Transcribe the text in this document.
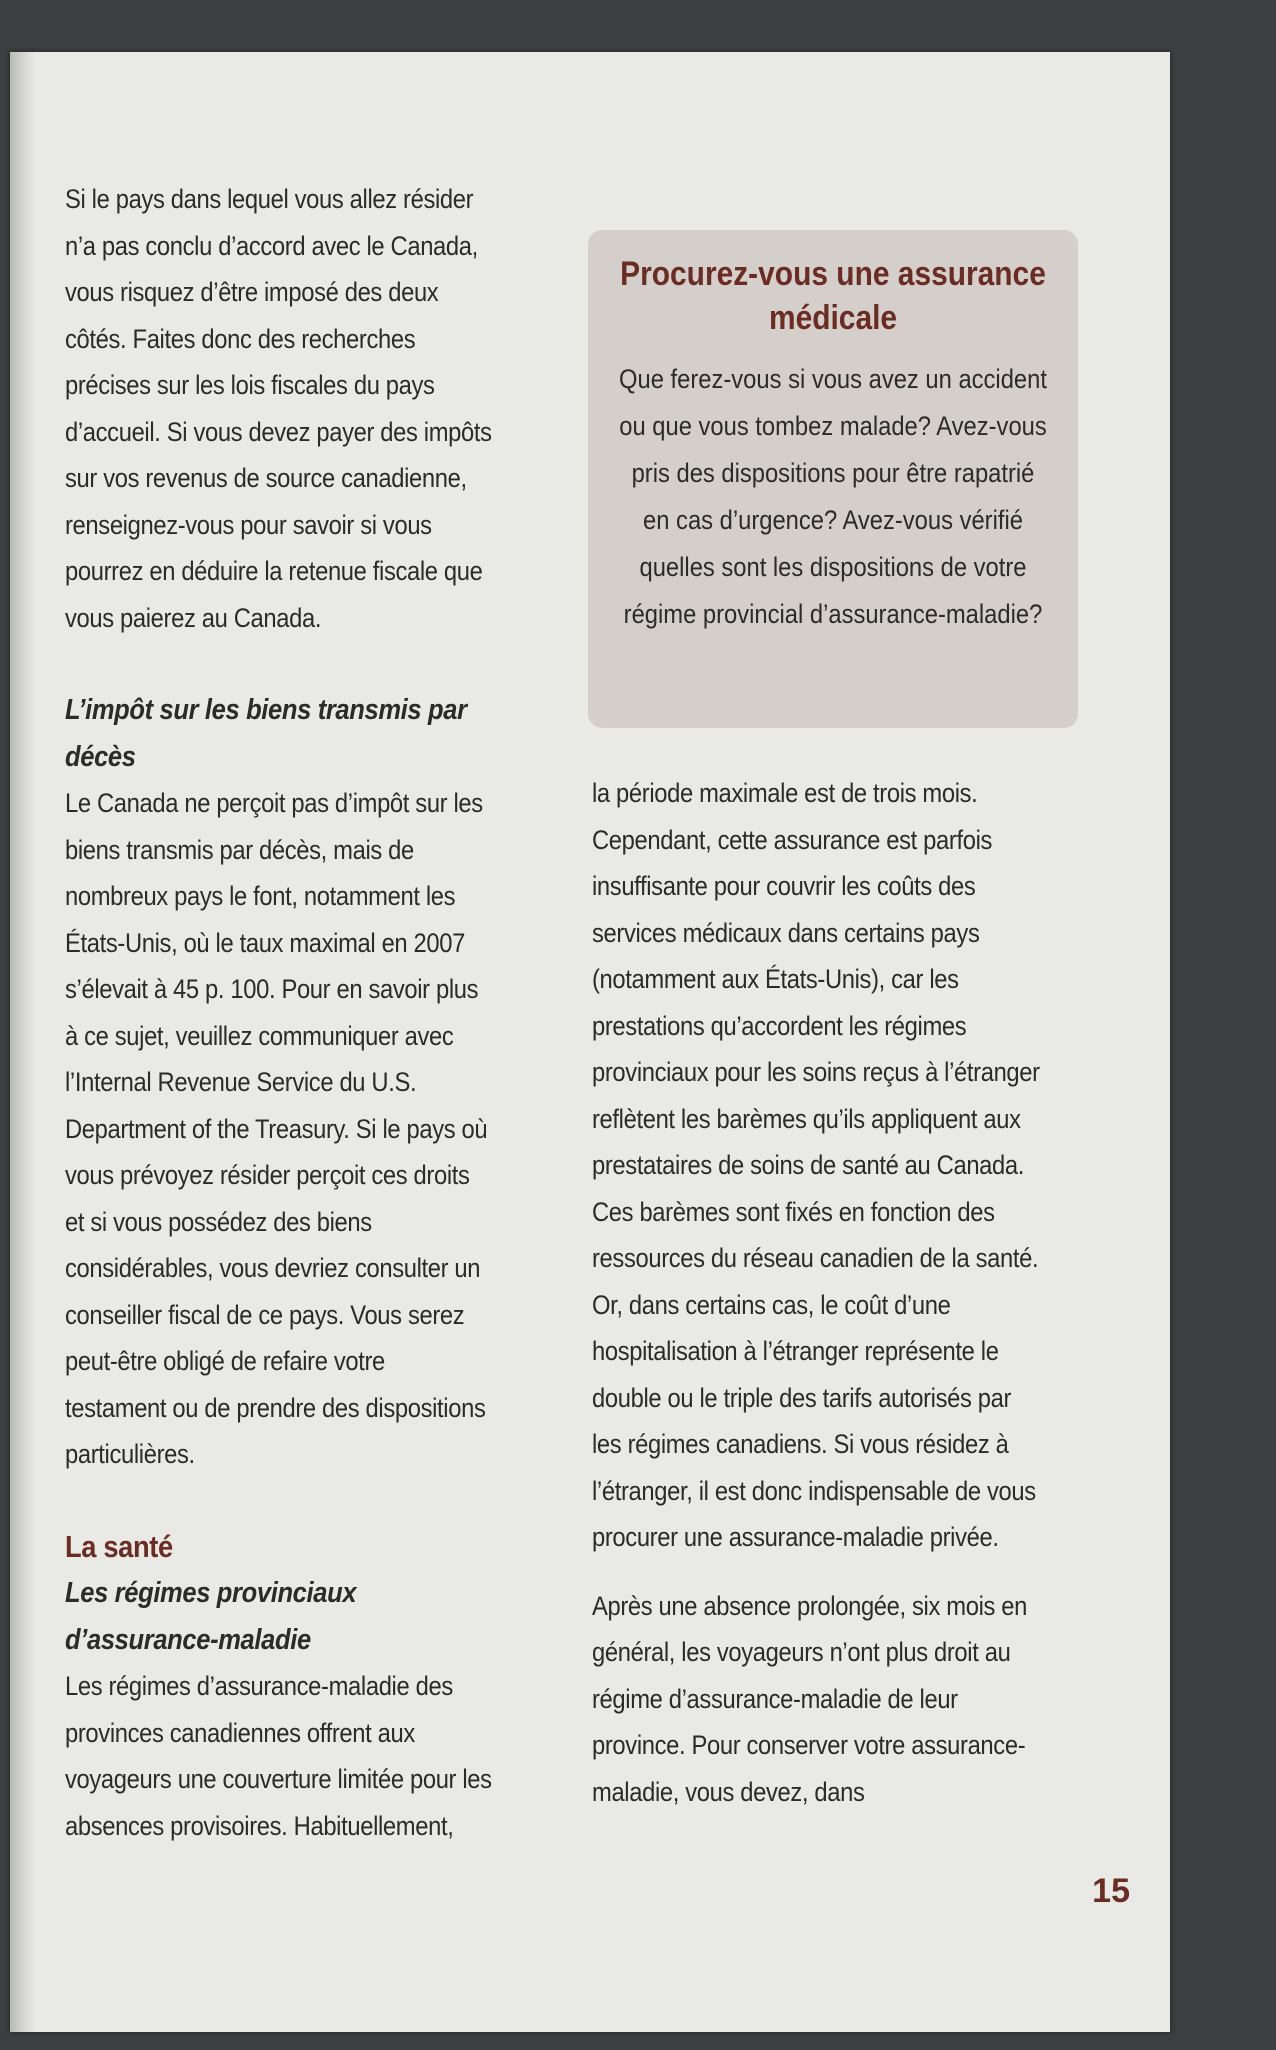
Si le pays dans lequel vous allez résider n’a pas conclu d’accord avec le Canada, vous risquez d’être imposé des deux côtés. Faites donc des recherches précises sur les lois fiscales du pays d’accueil. Si vous devez payer des impôts sur vos revenus de source canadienne, renseignez-vous pour savoir si vous pourrez en déduire la retenue fiscale que vous paierez au Canada.

L’impôt sur les biens transmis par décès

Le Canada ne perçoit pas d’impôt sur les biens transmis par décès, mais de nombreux pays le font, notamment les États-Unis, où le taux maximal en 2007 s’élevait à 45 p. 100. Pour en savoir plus à ce sujet, veuillez communiquer avec l’Internal Revenue Service du U.S. Department of the Treasury. Si le pays où vous prévoyez résider perçoit ces droits et si vous possédez des biens considérables, vous devriez consulter un conseiller fiscal de ce pays. Vous serez peut-être obligé de refaire votre testament ou de prendre des dispositions particulières.

La santé

Les régimes provinciaux d’assurance-maladie

Les régimes d’assurance-maladie des provinces canadiennes offrent aux voyageurs une couverture limitée pour les absences provisoires. Habituellement,

Procurez-vous une assurance médicale
Que ferez-vous si vous avez un accident ou que vous tombez malade? Avez-vous pris des dispositions pour être rapatrié en cas d’urgence? Avez-vous vérifié quelles sont les dispositions de votre régime provincial d’assurance-maladie?

la période maximale est de trois mois. Cependant, cette assurance est parfois insuffisante pour couvrir les coûts des services médicaux dans certains pays (notamment aux États-Unis), car les prestations qu’accordent les régimes provinciaux pour les soins reçus à l’étranger reflètent les barèmes qu’ils appliquent aux prestataires de soins de santé au Canada. Ces barèmes sont fixés en fonction des ressources du réseau canadien de la santé. Or, dans certains cas, le coût d’une hospitalisation à l’étranger représente le double ou le triple des tarifs autorisés par les régimes canadiens. Si vous résidez à l’étranger, il est donc indispensable de vous procurer une assurance-maladie privée.

Après une absence prolongée, six mois en général, les voyageurs n’ont plus droit au régime d’assurance-maladie de leur province. Pour conserver votre assurance-maladie, vous devez, dans

15
